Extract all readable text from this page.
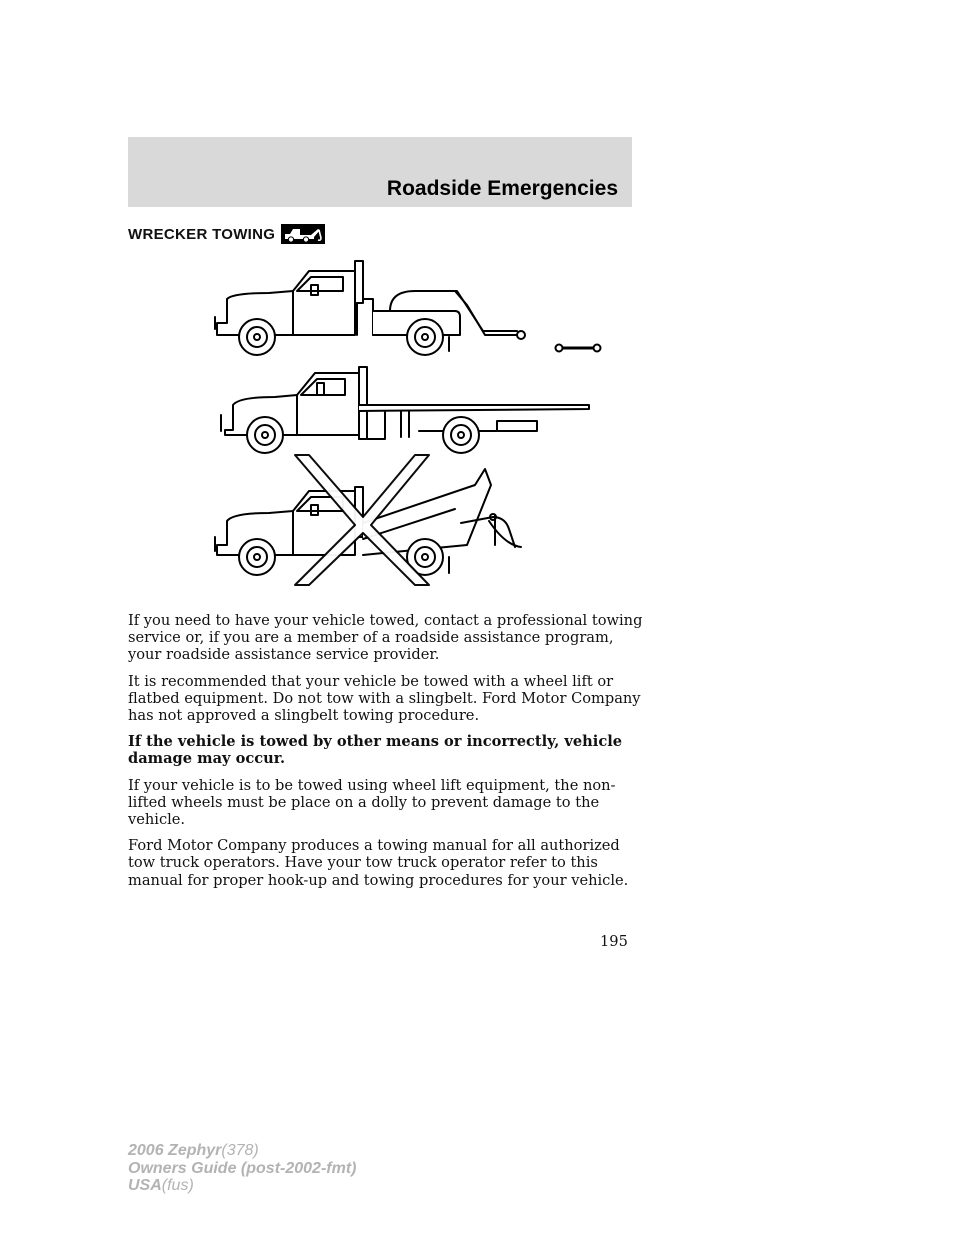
Roadside Emergencies
WRECKER TOWING

If you need to have your vehicle towed, contact a professional towing service or, if you are a member of a roadside assistance program, your roadside assistance service provider.

It is recommended that your vehicle be towed with a wheel lift or flatbed equipment. Do not tow with a slingbelt. Ford Motor Company has not approved a slingbelt towing procedure.

If the vehicle is towed by other means or incorrectly, vehicle damage may occur.

If your vehicle is to be towed using wheel lift equipment, the non-lifted wheels must be place on a dolly to prevent damage to the vehicle.

Ford Motor Company produces a towing manual for all authorized tow truck operators. Have your tow truck operator refer to this manual for proper hook-up and towing procedures for your vehicle.

195
2006 Zephyr(378)
Owners Guide (post-2002-fmt)
USA(fus)
